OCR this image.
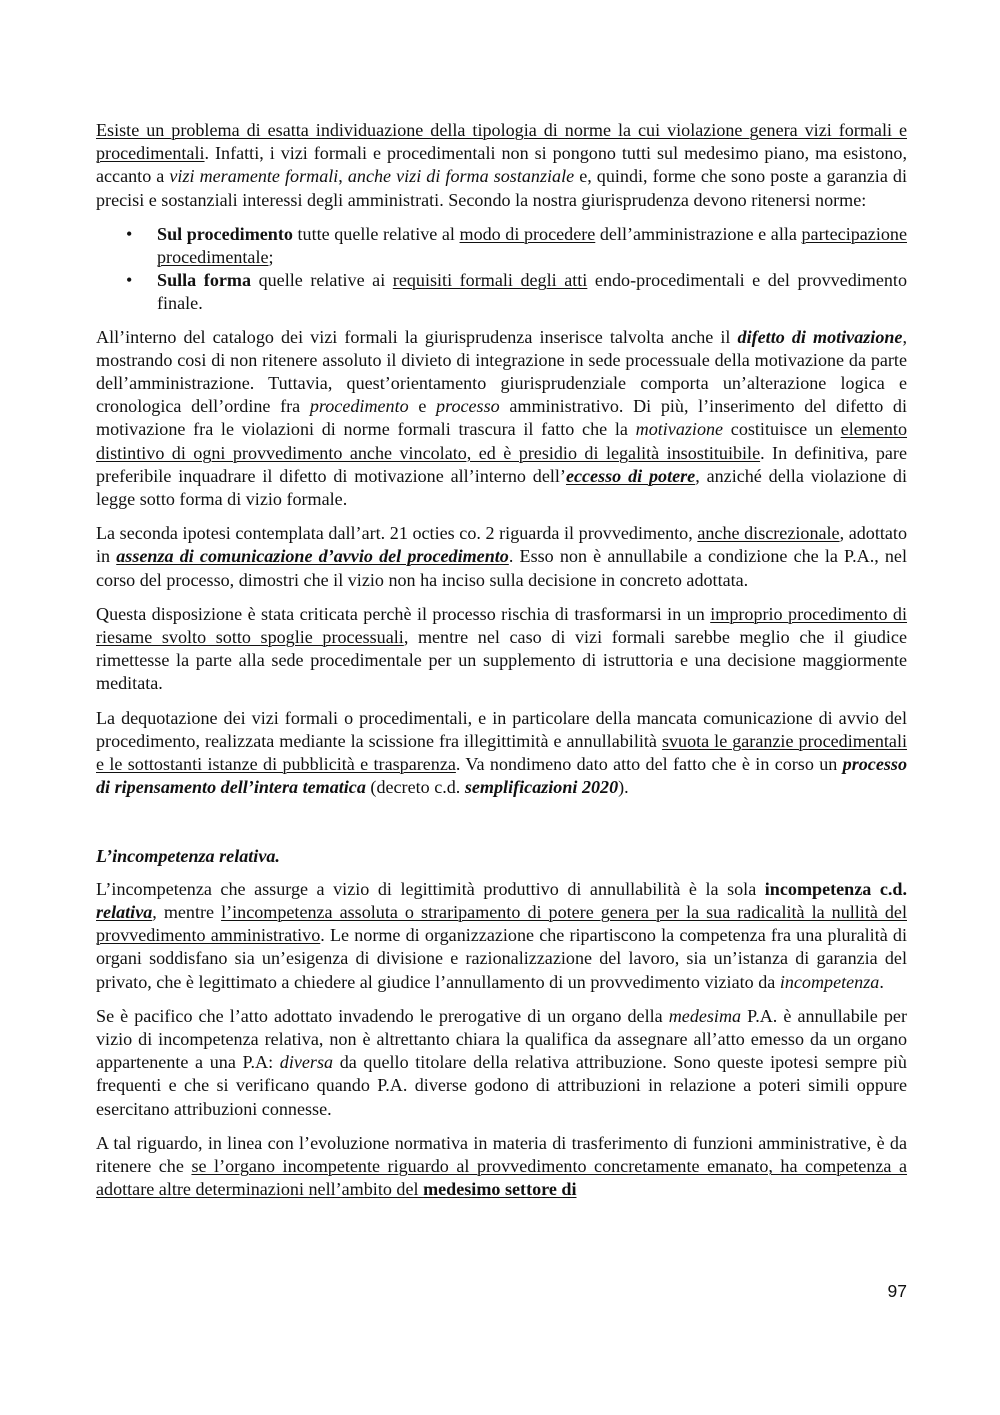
Esiste un problema di esatta individuazione della tipologia di norme la cui violazione genera vizi formali e procedimentali. Infatti, i vizi formali e procedimentali non si pongono tutti sul medesimo piano, ma esistono, accanto a vizi meramente formali, anche vizi di forma sostanziale e, quindi, forme che sono poste a garanzia di precisi e sostanziali interessi degli amministrati. Secondo la nostra giurisprudenza devono ritenersi norme:

• Sul procedimento tutte quelle relative al modo di procedere dell’amministrazione e alla partecipazione procedimentale;
• Sulla forma quelle relative ai requisiti formali degli atti endo-procedimentali e del provvedimento finale.

All’interno del catalogo dei vizi formali la giurisprudenza inserisce talvolta anche il difetto di motivazione, mostrando cosi di non ritenere assoluto il divieto di integrazione in sede processuale della motivazione da parte dell’amministrazione. Tuttavia, quest’orientamento giurisprudenziale comporta un’alterazione logica e cronologica dell’ordine fra procedimento e processo amministrativo. Di più, l’inserimento del difetto di motivazione fra le violazioni di norme formali trascura il fatto che la motivazione costituisce un elemento distintivo di ogni provvedimento anche vincolato, ed è presidio di legalità insostituibile. In definitiva, pare preferibile inquadrare il difetto di motivazione all’interno dell’eccesso di potere, anziché della violazione di legge sotto forma di vizio formale.

La seconda ipotesi contemplata dall’art. 21 octies co. 2 riguarda il provvedimento, anche discrezionale, adottato in assenza di comunicazione d’avvio del procedimento. Esso non è annullabile a condizione che la P.A., nel corso del processo, dimostri che il vizio non ha inciso sulla decisione in concreto adottata.

Questa disposizione è stata criticata perchè il processo rischia di trasformarsi in un improprio procedimento di riesame svolto sotto spoglie processuali, mentre nel caso di vizi formali sarebbe meglio che il giudice rimettesse la parte alla sede procedimentale per un supplemento di istruttoria e una decisione maggiormente meditata.

La dequotazione dei vizi formali o procedimentali, e in particolare della mancata comunicazione di avvio del procedimento, realizzata mediante la scissione fra illegittimità e annullabilità svuota le garanzie procedimentali e le sottostanti istanze di pubblicità e trasparenza. Va nondimeno dato atto del fatto che è in corso un processo di ripensamento dell’intera tematica (decreto c.d. semplificazioni 2020).

L’incompetenza relativa.

L’incompetenza che assurge a vizio di legittimità produttivo di annullabilità è la sola incompetenza c.d. relativa, mentre l’incompetenza assoluta o straripamento di potere genera per la sua radicalità la nullità del provvedimento amministrativo. Le norme di organizzazione che ripartiscono la competenza fra una pluralità di organi soddisfano sia un’esigenza di divisione e razionalizzazione del lavoro, sia un’istanza di garanzia del privato, che è legittimato a chiedere al giudice l’annullamento di un provvedimento viziato da incompetenza.

Se è pacifico che l’atto adottato invadendo le prerogative di un organo della medesima P.A. è annullabile per vizio di incompetenza relativa, non è altrettanto chiara la qualifica da assegnare all’atto emesso da un organo appartenente a una P.A: diversa da quello titolare della relativa attribuzione. Sono queste ipotesi sempre più frequenti e che si verificano quando P.A. diverse godono di attribuzioni in relazione a poteri simili oppure esercitano attribuzioni connesse.

A tal riguardo, in linea con l’evoluzione normativa in materia di trasferimento di funzioni amministrative, è da ritenere che se l’organo incompetente riguardo al provvedimento concretamente emanato, ha competenza a adottare altre determinazioni nell’ambito del medesimo settore di

97
